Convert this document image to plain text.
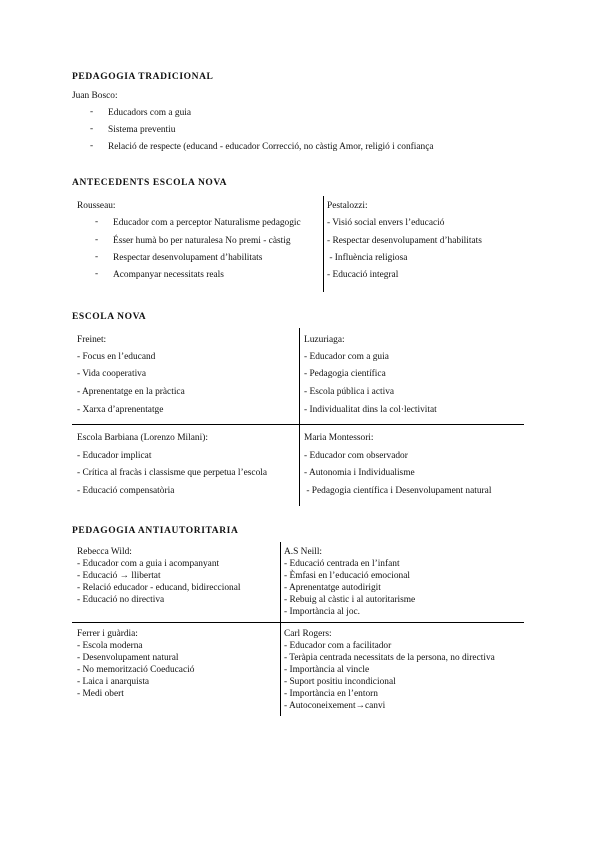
PEDAGOGIA TRADICIONAL
Juan Bosco:
- Educadors com a guia
- Sistema preventiu
- Relació de respecte (educand - educador Correcció, no càstig Amor, religió i confiança
ANTECEDENTS ESCOLA NOVA
Rousseau:
- Educador com a perceptor Naturalisme pedagogic
- Ésser humà bo per naturalesa No premi - càstig
- Respectar desenvolupament d’habilitats
- Acompanyar necessitats reals
Pestalozzi:
- Visió social envers l’educació
- Respectar desenvolupament d’habilitats
- Influència religiosa
- Educació integral
ESCOLA NOVA
Freinet:
- Focus en l’educand
- Vida cooperativa
- Aprenentatge en la pràctica
- Xarxa d’aprenentatge
Luzuriaga:
- Educador com a guia
- Pedagogia científica
- Escola pública i activa
- Individualitat dins la col·lectivitat
Escola Barbiana (Lorenzo Milani):
- Educador implicat
- Crítica al fracàs i classisme que perpetua l’escola
- Educació compensatòria
Maria Montessori:
- Educador com observador
- Autonomia i Individualisme
- Pedagogia científica i Desenvolupament natural
PEDAGOGIA ANTIAUTORITARIA
Rebecca Wild:
- Educador com a guia i acompanyant
- Educació → llibertat
- Relació educador - educand, bidireccional
- Educació no directiva
A.S Neill:
- Educació centrada en l’infant
- Èmfasi en l’educació emocional
- Aprenentatge autodirigit
- Rebuig al càstic i al autoritarisme
- Importància al joc.
Ferrer i guàrdia:
- Escola moderna
- Desenvolupament natural
- No memorització Coeducació
- Laica i anarquista
- Medi obert
Carl Rogers:
- Educador com a facilitador
- Teràpia centrada necessitats de la persona, no directiva
- Importància al vincle
- Suport positiu incondicional
- Importància en l’entorn
- Autoconeixement→canvi
